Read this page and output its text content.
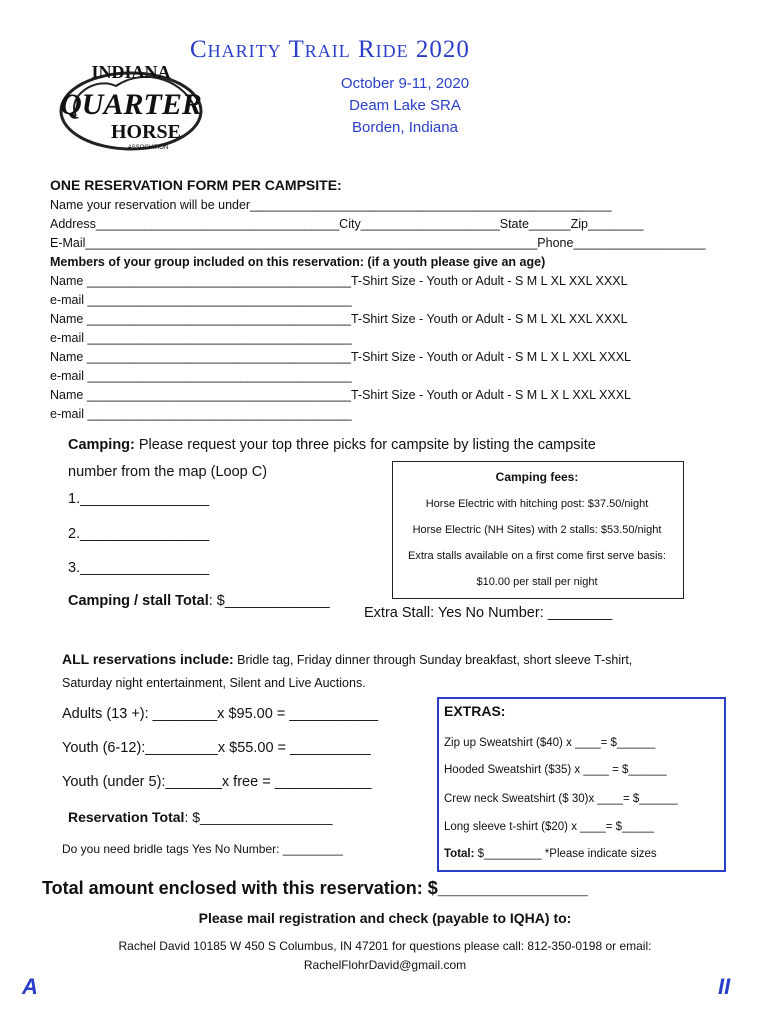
Charity Trail Ride 2020
October 9-11, 2020
Deam Lake SRA
Borden, Indiana
INDIANA
QUARTER
HORSE
ASSOCIATION
ONE RESERVATION FORM PER CAMPSITE:
Name your reservation will be under____________________________________________________
Address___________________________________City____________________State______Zip________
E-Mail_________________________________________________________________Phone___________________
Members of your group included on this reservation: (if a youth please give an age)
Name ______________________________________T-Shirt Size - Youth or Adult - S M L XL XXL XXXL
e-mail ______________________________________
Name ______________________________________T-Shirt Size - Youth or Adult - S M L XL XXL XXXL
e-mail ______________________________________
Name ______________________________________T-Shirt Size - Youth or Adult - S M L X L XXL XXXL
e-mail ______________________________________
Name ______________________________________T-Shirt Size - Youth or Adult - S M L X L XXL XXXL
e-mail ______________________________________
Camping: Please request your top three picks for campsite by listing the campsite
number from the map (Loop C)
1.________________
2.________________
3.________________
Camping / stall Total: $_____________
Extra Stall: Yes No Number: ________
Camping fees:
Horse Electric with hitching post: $37.50/night
Horse Electric (NH Sites) with 2 stalls: $53.50/night
Extra stalls available on a first come first serve basis:
$10.00 per stall per night
ALL reservations include: Bridle tag, Friday dinner through Sunday breakfast, short sleeve T-shirt,
Saturday night entertainment, Silent and Live Auctions.
Adults (13 +): ________x $95.00 = ___________
Youth (6-12):_________x $55.00 = __________
Youth (under 5):_______x free = ____________
Reservation Total: $_________________
Do you need bridle tags Yes No Number: _________
EXTRAS:
Zip up Sweatshirt ($40) x ____= $______
Hooded Sweatshirt ($35) x ____ = $______
Crew neck Sweatshirt ($ 30)x ____= $______
Long sleeve t-shirt ($20) x ____= $_____
Total: $_________ *Please indicate sizes
Total amount enclosed with this reservation: $_______________
Please mail registration and check (payable to IQHA) to:
Rachel David 10185 W 450 S Columbus, IN 47201 for questions please call: 812-350-0198 or email:
RachelFlohrDavid@gmail.com
A	II
